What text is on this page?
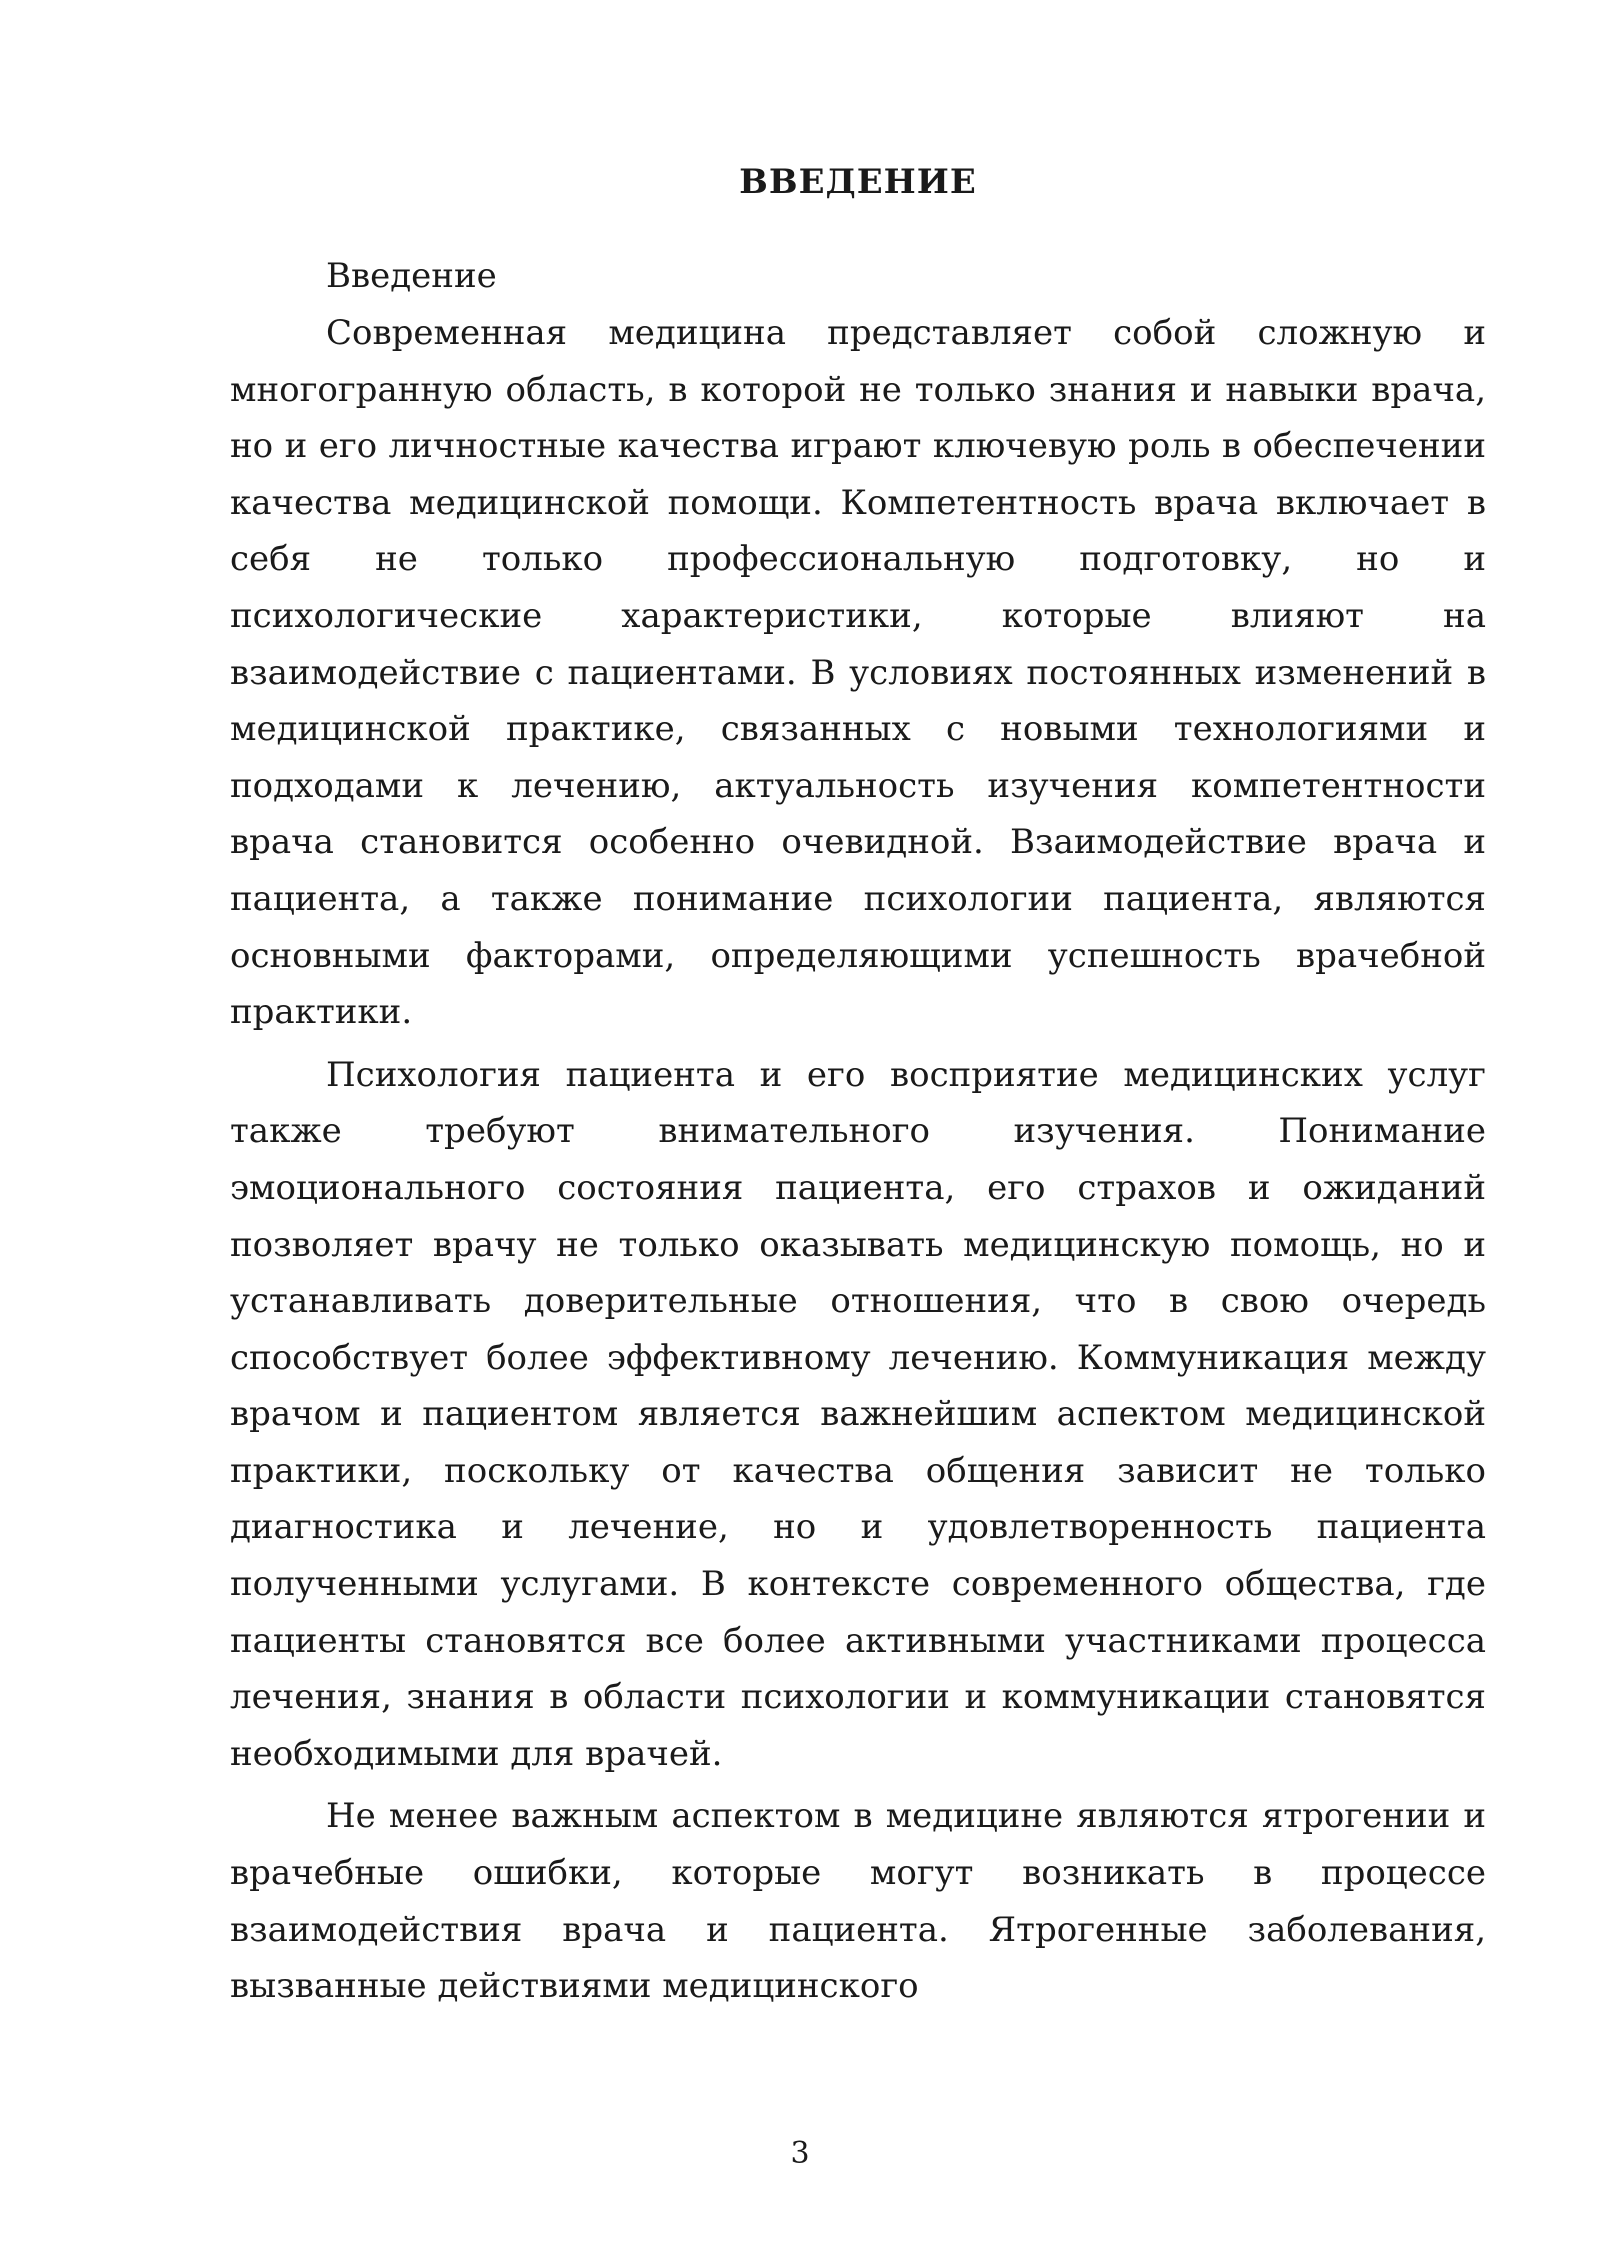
ВВЕДЕНИЕ

Введение

Современная медицина представляет собой сложную и многогранную область, в которой не только знания и навыки врача, но и его личностные качества играют ключевую роль в обеспечении качества медицинской помощи. Компетентность врача включает в себя не только профессиональную подготовку, но и психологические характеристики, которые влияют на взаимодействие с пациентами. В условиях постоянных изменений в медицинской практике, связанных с новыми технологиями и подходами к лечению, актуальность изучения компетентности врача становится особенно очевидной. Взаимодействие врача и пациента, а также понимание психологии пациента, являются основными факторами, определяющими успешность врачебной практики.

Психология пациента и его восприятие медицинских услуг также требуют внимательного изучения. Понимание эмоционального состояния пациента, его страхов и ожиданий позволяет врачу не только оказывать медицинскую помощь, но и устанавливать доверительные отношения, что в свою очередь способствует более эффективному лечению. Коммуникация между врачом и пациентом является важнейшим аспектом медицинской практики, поскольку от качества общения зависит не только диагностика и лечение, но и удовлетворенность пациента полученными услугами. В контексте современного общества, где пациенты становятся все более активными участниками процесса лечения, знания в области психологии и коммуникации становятся необходимыми для врачей.

Не менее важным аспектом в медицине являются ятрогении и врачебные ошибки, которые могут возникать в процессе взаимодействия врача и пациента. Ятрогенные заболевания, вызванные действиями медицинского

3
